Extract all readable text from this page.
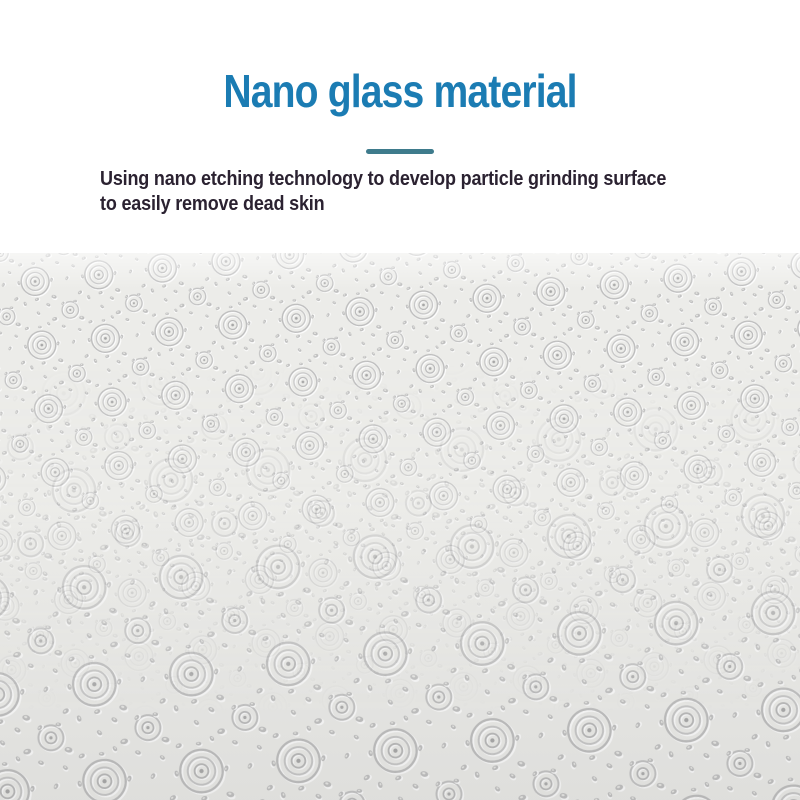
Nano glass material
Using nano etching technology to develop particle grinding surface
to easily remove dead skin
